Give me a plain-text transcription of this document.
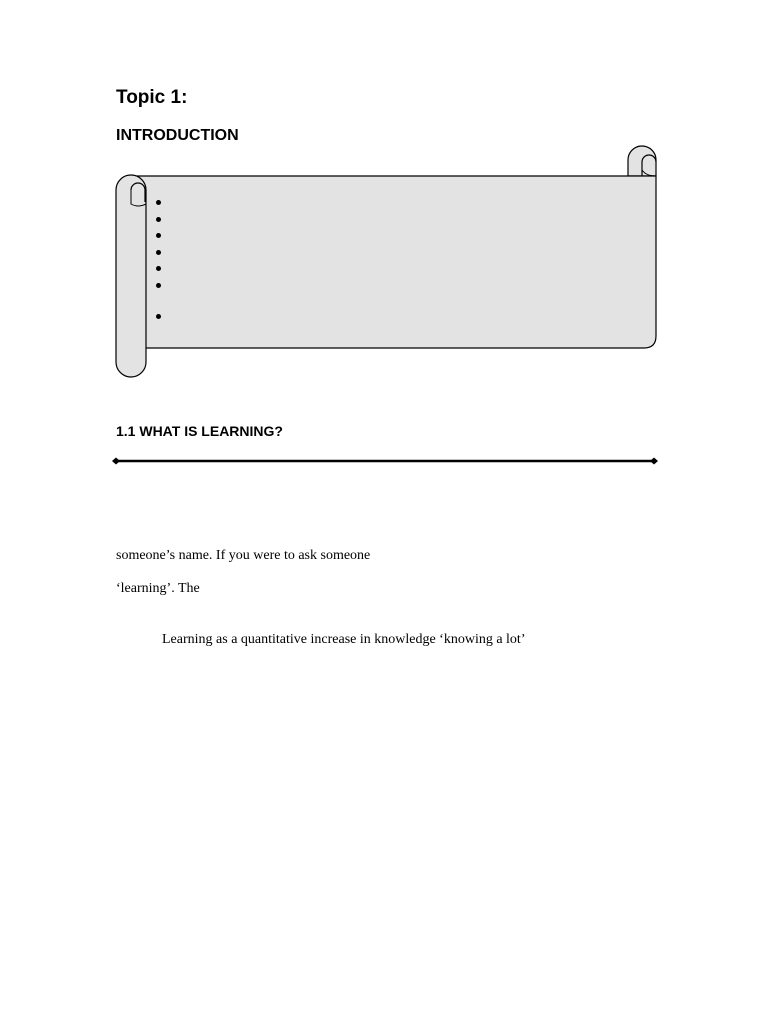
Topic 1:
INTRODUCTION
1.1 WHAT IS LEARNING?

someone’s name. If you were to ask someone

‘learning’. The

Learning as a quantitative increase in knowledge ‘knowing a lot’
